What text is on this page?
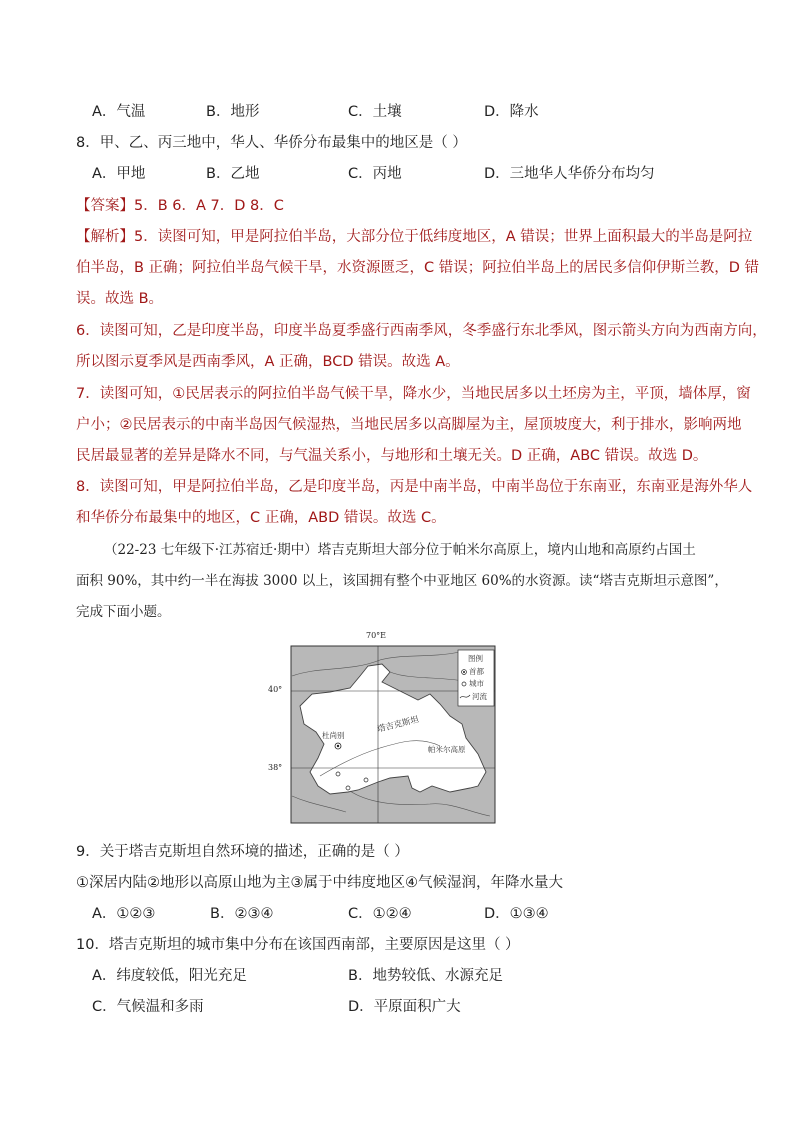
A．气温	B．地形	C．土壤	D．降水
8．甲、乙、丙三地中，华人、华侨分布最集中的地区是（ ）
A．甲地	B．乙地	C．丙地	D．三地华人华侨分布均匀
【答案】5．B 6．A 7．D 8．C
【解析】5．读图可知，甲是阿拉伯半岛，大部分位于低纬度地区，A 错误；世界上面积最大的半岛是阿拉
伯半岛，B 正确；阿拉伯半岛气候干旱，水资源匮乏，C 错误；阿拉伯半岛上的居民多信仰伊斯兰教，D 错
误。故选 B。
6．读图可知，乙是印度半岛，印度半岛夏季盛行西南季风，冬季盛行东北季风，图示箭头方向为西南方向，
所以图示夏季风是西南季风，A 正确，BCD 错误。故选 A。
7．读图可知，①民居表示的阿拉伯半岛气候干旱，降水少，当地民居多以土坯房为主，平顶，墙体厚，窗
户小；②民居表示的中南半岛因气候湿热，当地民居多以高脚屋为主，屋顶坡度大，利于排水，影响两地
民居最显著的差异是降水不同，与气温关系小，与地形和土壤无关。D 正确，ABC 错误。故选 D。
8．读图可知，甲是阿拉伯半岛，乙是印度半岛，丙是中南半岛，中南半岛位于东南亚，东南亚是海外华人
和华侨分布最集中的地区，C 正确，ABD 错误。故选 C。
（22-23 七年级下·江苏宿迁·期中）塔吉克斯坦大部分位于帕米尔高原上，境内山地和高原约占国土
面积 90%，其中约一半在海拔 3000 以上，该国拥有整个中亚地区 60%的水资源。读“塔吉克斯坦示意图”，
完成下面小题。
图例
首都
城市
河流
杜尚别
塔吉克斯坦
帕米尔高原
70°E
40°
38°
9．关于塔吉克斯坦自然环境的描述，正确的是（ ）
①深居内陆②地形以高原山地为主③属于中纬度地区④气候湿润，年降水量大
A．①②③	B．②③④	C．①②④	D．①③④
10．塔吉克斯坦的城市集中分布在该国西南部，主要原因是这里（ ）
A．纬度较低，阳光充足	B．地势较低、水源充足
C．气候温和多雨	D．平原面积广大
